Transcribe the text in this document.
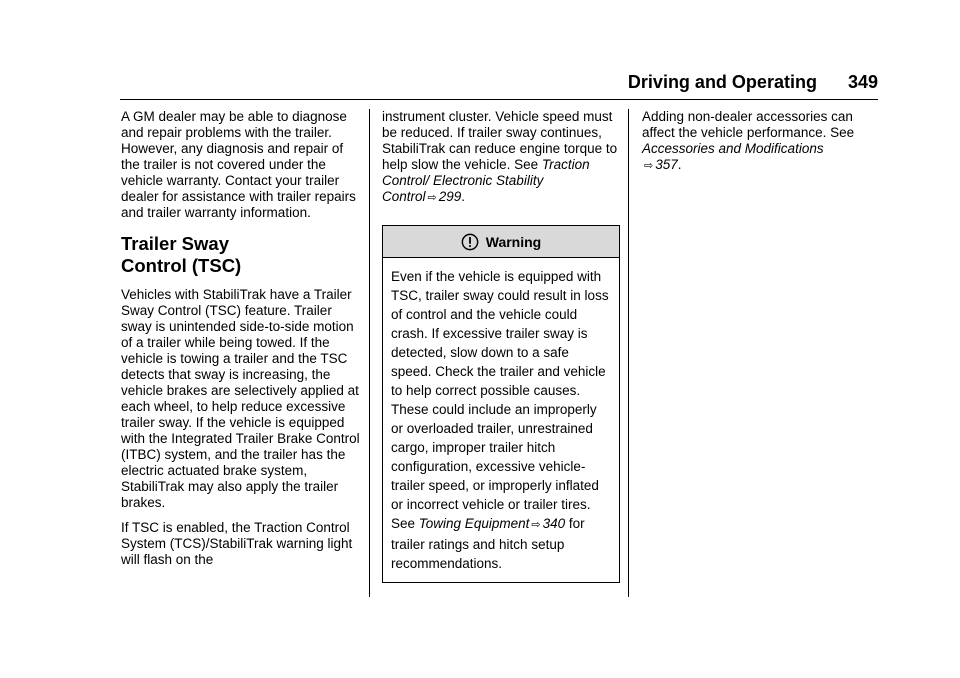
Driving and Operating 349

A GM dealer may be able to diagnose and repair problems with the trailer. However, any diagnosis and repair of the trailer is not covered under the vehicle warranty. Contact your trailer dealer for assistance with trailer repairs and trailer warranty information.

Trailer Sway
Control (TSC)

Vehicles with StabiliTrak have a Trailer Sway Control (TSC) feature. Trailer sway is unintended side-to-side motion of a trailer while being towed. If the vehicle is towing a trailer and the TSC detects that sway is increasing, the vehicle brakes are selectively applied at each wheel, to help reduce excessive trailer sway. If the vehicle is equipped with the Integrated Trailer Brake Control (ITBC) system, and the trailer has the electric actuated brake system, StabiliTrak may also apply the trailer brakes.

If TSC is enabled, the Traction Control System (TCS)/StabiliTrak warning light will flash on the

instrument cluster. Vehicle speed must be reduced. If trailer sway continues, StabiliTrak can reduce engine torque to help slow the vehicle. See Traction Control/ Electronic Stability Control ⇨ 299.

Warning
Even if the vehicle is equipped with TSC, trailer sway could result in loss of control and the vehicle could crash. If excessive trailer sway is detected, slow down to a safe speed. Check the trailer and vehicle to help correct possible causes. These could include an improperly or overloaded trailer, unrestrained cargo, improper trailer hitch configuration, excessive vehicle-trailer speed, or improperly inflated or incorrect vehicle or trailer tires. See Towing Equipment ⇨ 340 for trailer ratings and hitch setup recommendations.

Adding non-dealer accessories can affect the vehicle performance. See Accessories and Modifications
⇨ 357.
